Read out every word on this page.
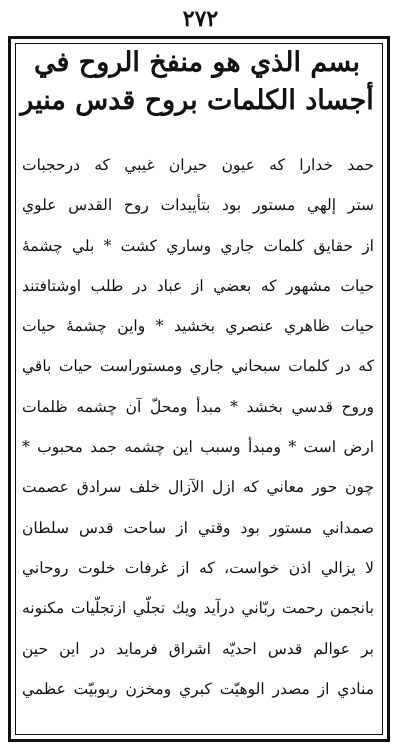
۲۷۲
بسم الذي هو منفخ الروح في
أجساد الكلمات بروح قدس منير
حمد خدارا كه عيون حيران غيبي كه درحجبات
ستر إلهي مستور بود بتأييدات روح القدس علوي
از حقايق كلمات جاري وساري كشت * بلي چشمهٔ
حيات مشهور كه بعضي از عباد در طلب اوشتافتند
حيات ظاهري عنصري بخشيد * واين چشمهٔ حيات
كه در كلمات سبحاني جاري ومستوراست حيات باقي
وروح قدسي بخشد * مبدأ ومحلّ آن چشمه ظلمات
ارض است * ومبدأ وسبب اين چشمه جمد محبوب *
چون حور معاني كه ازل الآزال خلف سرادق عصمت
صمداني مستور بود وقتي از ساحت قدس سلطان
لا يزالي اذن خواست، كه از غرفات خلوت روحاني
بانجمن رحمت ربّاني درآيد ويك تجلّي ازتجلّيات مكنونه
بر عوالم قدس احديّه اشراق فرمايد در اين حين
منادي از مصدر الوهيّت كبري ومخزن ربوبيّت عظمي
